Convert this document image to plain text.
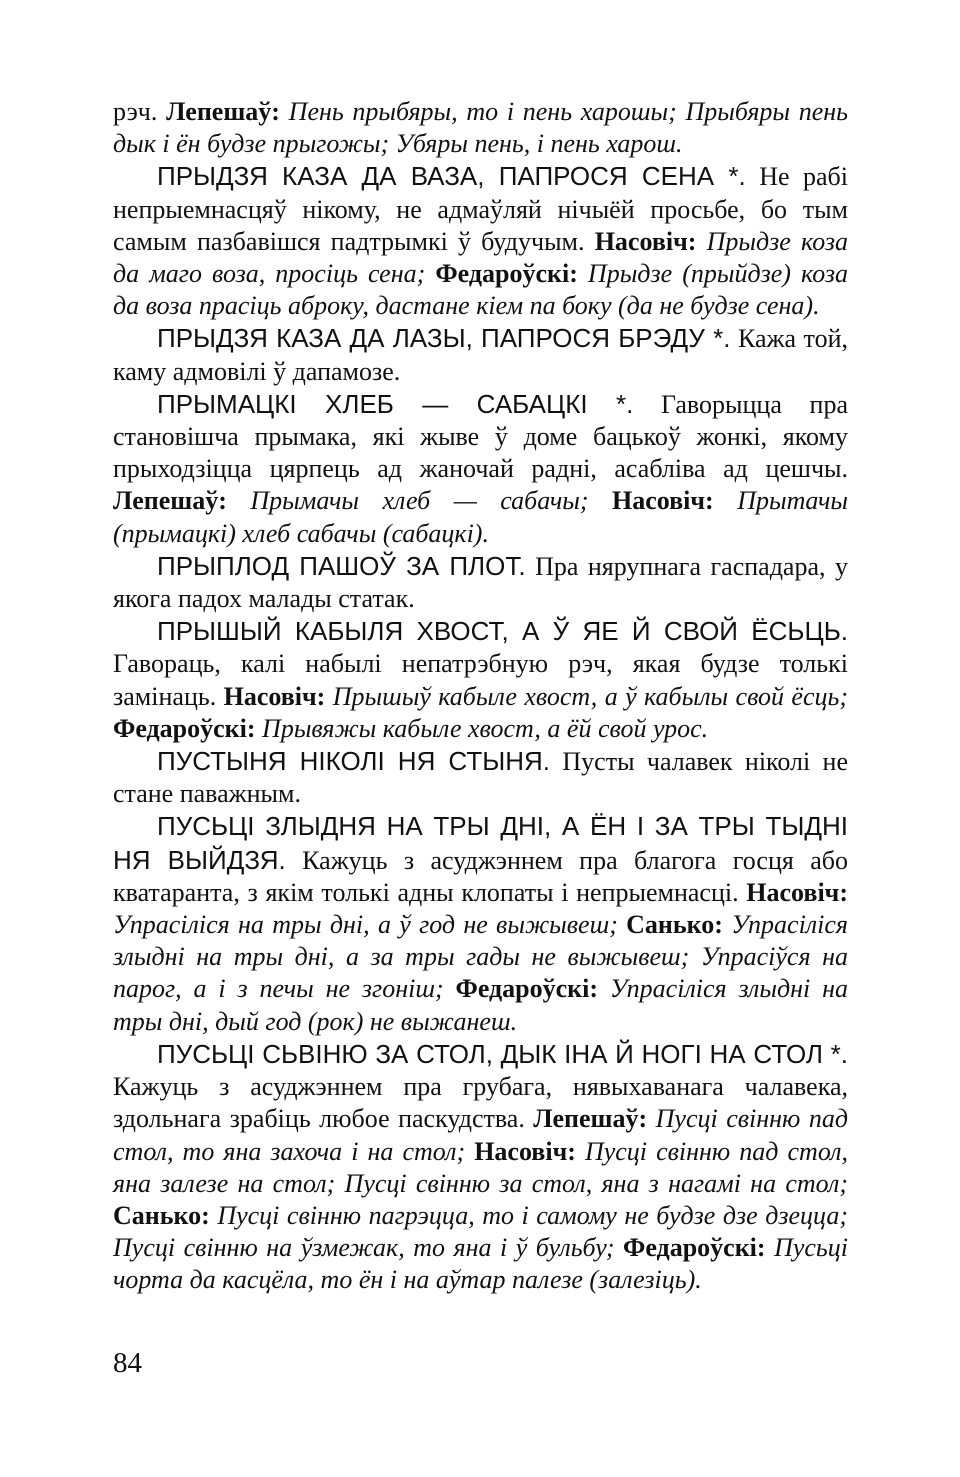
рэч. Лепешаў: Пень прыбяры, то і пень харошы; Прыбяры пень дык і ён будзе прыгожы; Убяры пень, і пень харош.

ПРЫДЗЯ КАЗА ДА ВАЗА, ПАПРОСЯ СЕНА *. Не рабі непрыемнасцяў нікому, не адмаўляй нічыёй просьбе, бо тым самым пазбавішся падтрымкі ў будучым. Насовіч: Прыдзе коза да маго воза, просіць сена; Федароўскі: Прыдзе (прыйдзе) коза да воза прасіць аброку, дастане кіем па боку (да не будзе сена).

ПРЫДЗЯ КАЗА ДА ЛАЗЫ, ПАПРОСЯ БРЭДУ *. Кажа той, каму адмовілі ў дапамозе.

ПРЫМАЦКІ ХЛЕБ — САБАЦКІ *. Гаворыцца пра становішча прымака, які жыве ў доме бацькоў жонкі, якому прыходзіцца цярпець ад жаночай радні, асабліва ад цешчы. Лепешаў: Прымачы хлеб — сабачы; Насовіч: Прыmачы (прымацкі) хлеб сабачы (сабацкі).

ПРЫПЛОД ПАШОЎ ЗА ПЛОТ. Пра нярупнага гаспадара, у якога падох малады статак.

ПРЫШЫЙ КАБЫЛЯ ХВОСТ, А Ў ЯЕ Й СВОЙ ЁСЬЦЬ. Гавораць, калі набылі непатрэбную рэч, якая будзе толькі замінаць. Насовіч: Прышыў кабыле хвост, а ў кабылы свой ёсць; Федароўскі: Прывяжы кабыле хвост, а ёй свой урос.

ПУСТЫНЯ НІКОЛІ НЯ СТЫНЯ. Пусты чалавек ніколі не стане паважным.

ПУСЬЦІ ЗЛЫДНЯ НА ТРЫ ДНІ, А ЁН І ЗА ТРЫ ТЫДНІ НЯ ВЫЙДЗЯ. Кажуць з асуджэннем пра благога госця або кватаранта, з якім толькі адны клопаты і непрыемнасці. Насовіч: Упрасіліся на тры дні, а ў год не выжывеш; Санько: Упрасіліся злыдні на тры дні, а за тры гады не выжывеш; Упрасіўся на парог, а і з печы не згоніш; Федароўскі: Упрасіліся злыдні на тры дні, дый год (рок) не выжанеш.

ПУСЬЦІ СЬВІНЮ ЗА СТОЛ, ДЫК ІНА Й НОГІ НА СТОЛ *. Кажуць з асуджэннем пра грубага, нявыхаванага чалавека, здольнага зрабіць любое паскудства. Лепешаў: Пусці свінню пад стол, то яна захоча і на стол; Насовіч: Пусці свінню пад стол, яна залезе на стол; Пусці свінню за стол, яна з нагамі на стол; Санько: Пусці свінню пагрэцца, то і самому не будзе дзе дзецца; Пусці свінню на ўзмежак, то яна і ў бульбу; Федароўскі: Пусьці чорта да касцёла, то ён і на аўтар палезе (залезіць).

84
